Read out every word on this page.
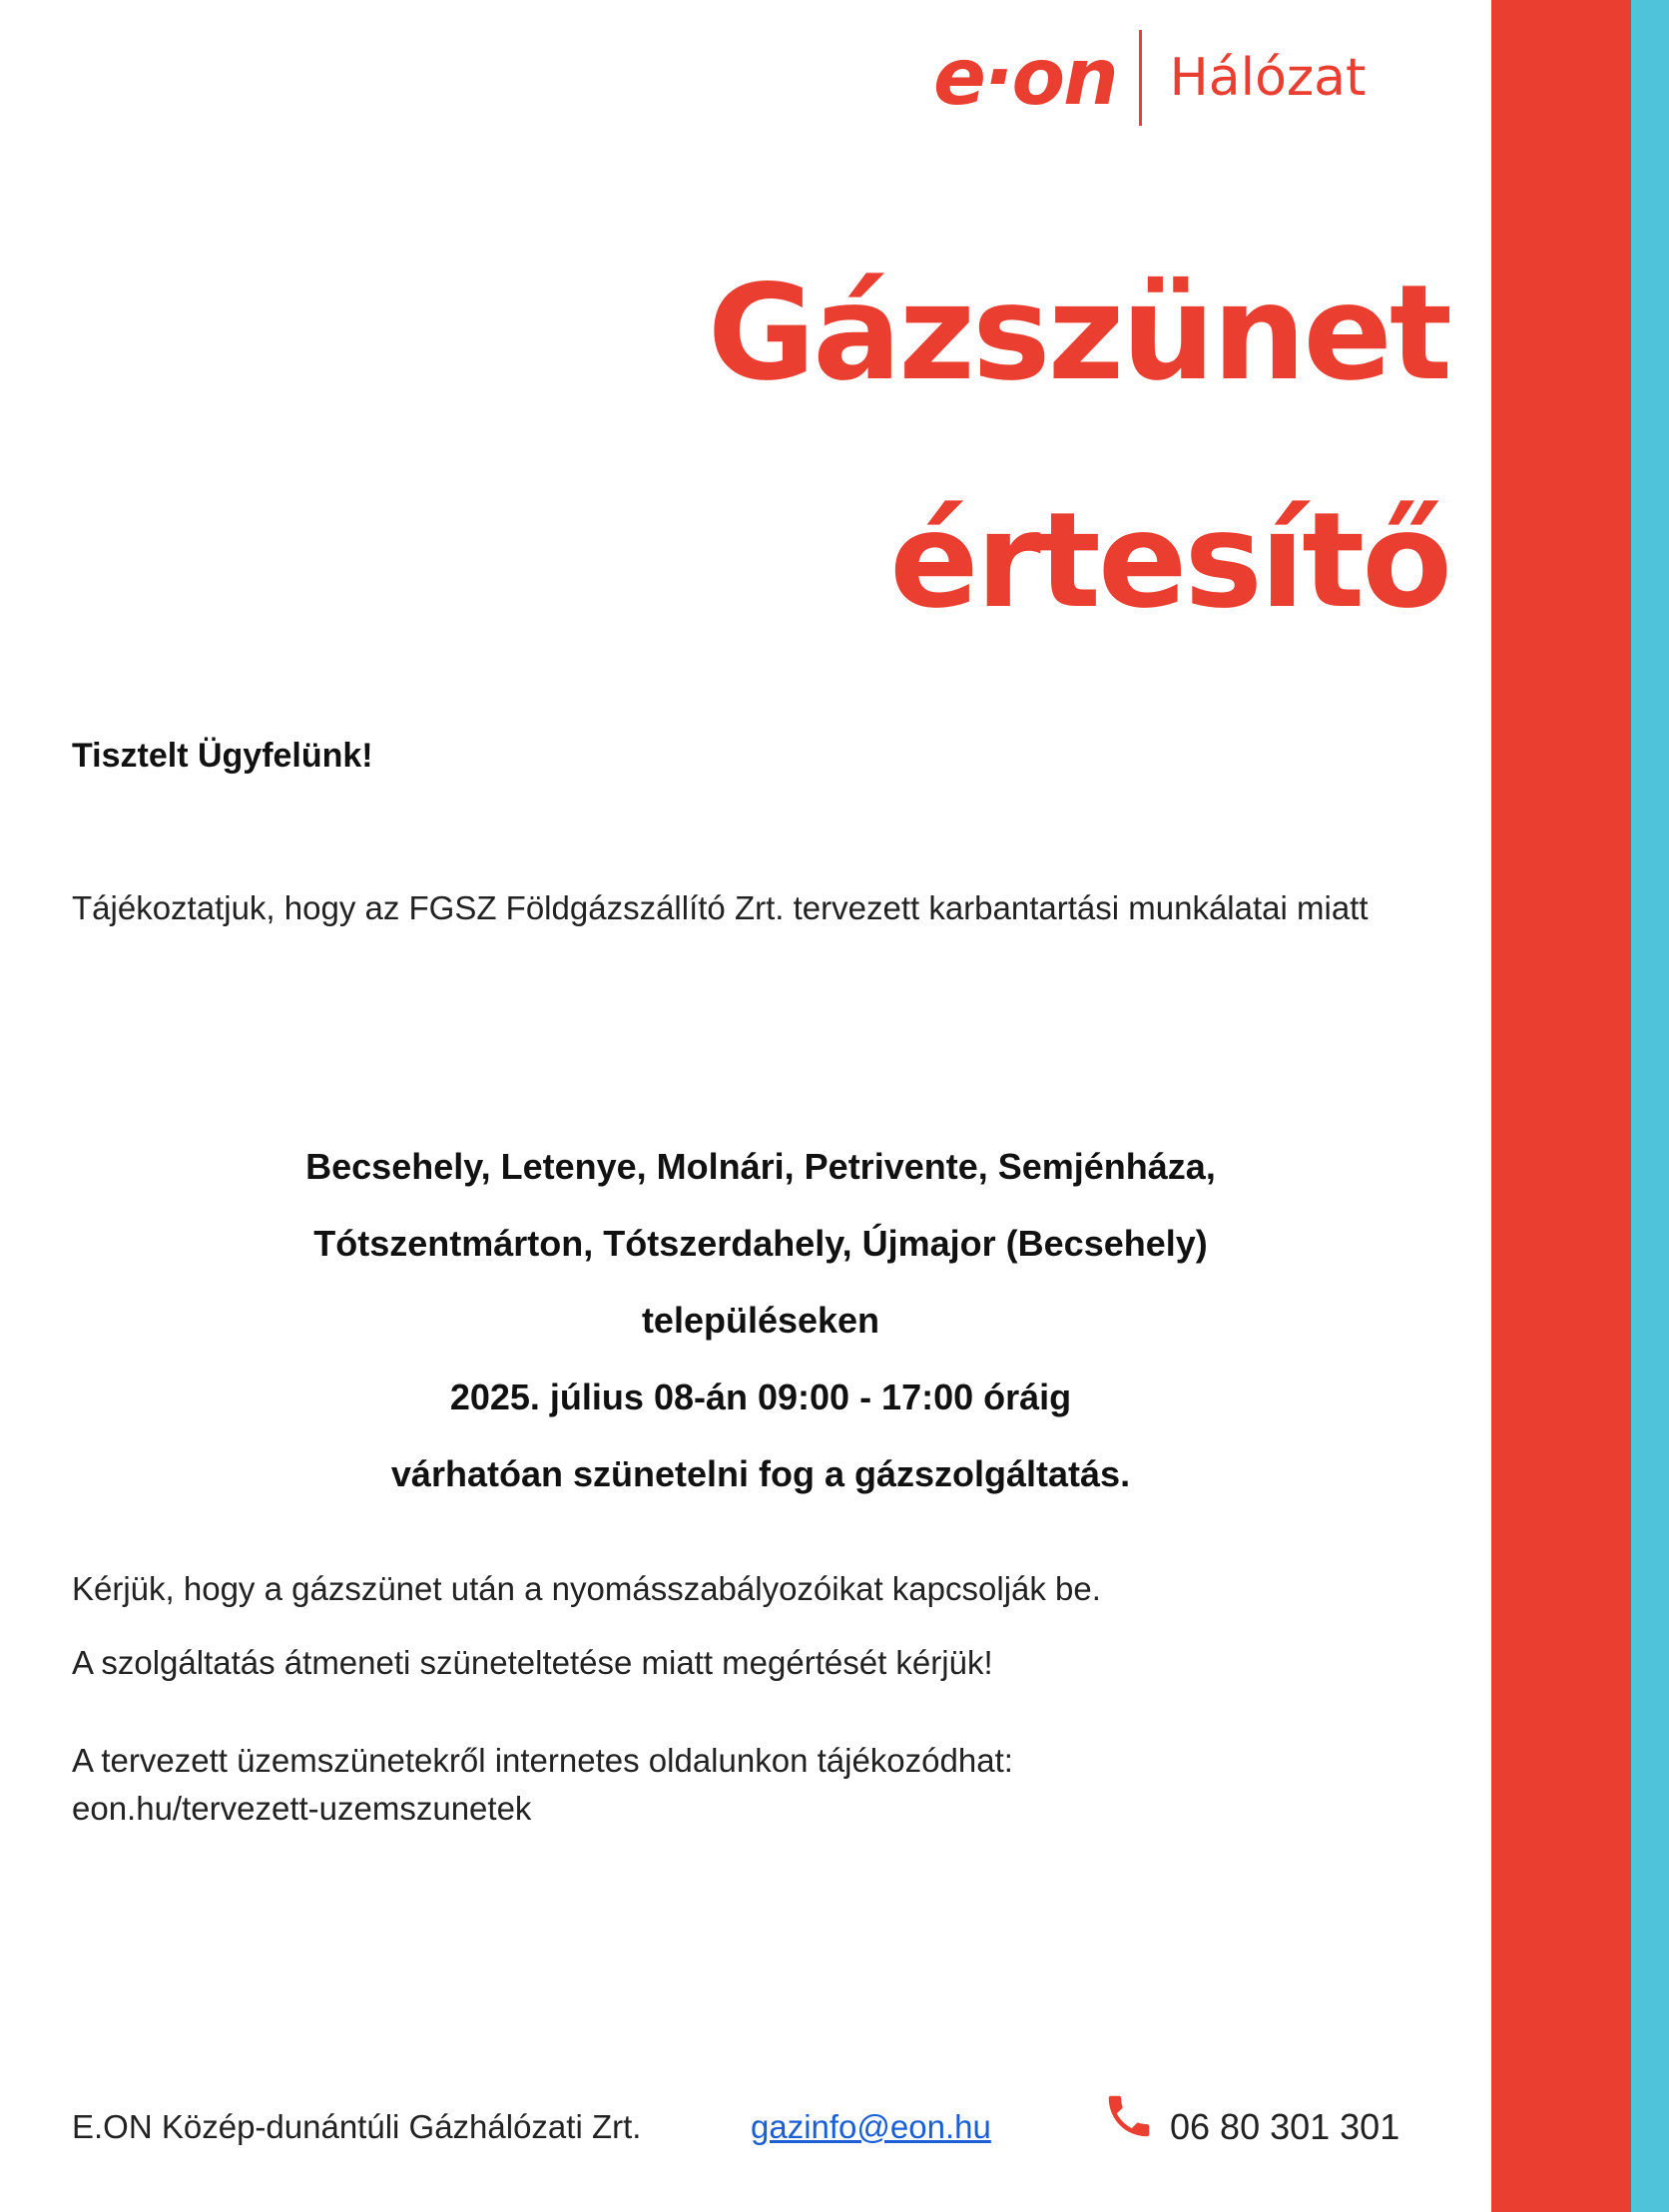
e·on Hálózat
Gázszünet
értesítő
Tisztelt Ügyfelünk!
Tájékoztatjuk, hogy az FGSZ Földgázszállító Zrt. tervezett karbantartási munkálatai miatt
Becsehely, Letenye, Molnári, Petrivente, Semjénháza,
Tótszentmárton, Tótszerdahely, Újmajor (Becsehely)
településeken
2025. július 08-án 09:00 - 17:00 óráig
várhatóan szünetelni fog a gázszolgáltatás.
Kérjük, hogy a gázszünet után a nyomásszabályozóikat kapcsolják be.
A szolgáltatás átmeneti szüneteltetése miatt megértését kérjük!
A tervezett üzemszünetekről internetes oldalunkon tájékozódhat:
eon.hu/tervezett-uzemszunetek
E.ON Közép-dunántúli Gázhálózati Zrt.	gazinfo@eon.hu	06 80 301 301
